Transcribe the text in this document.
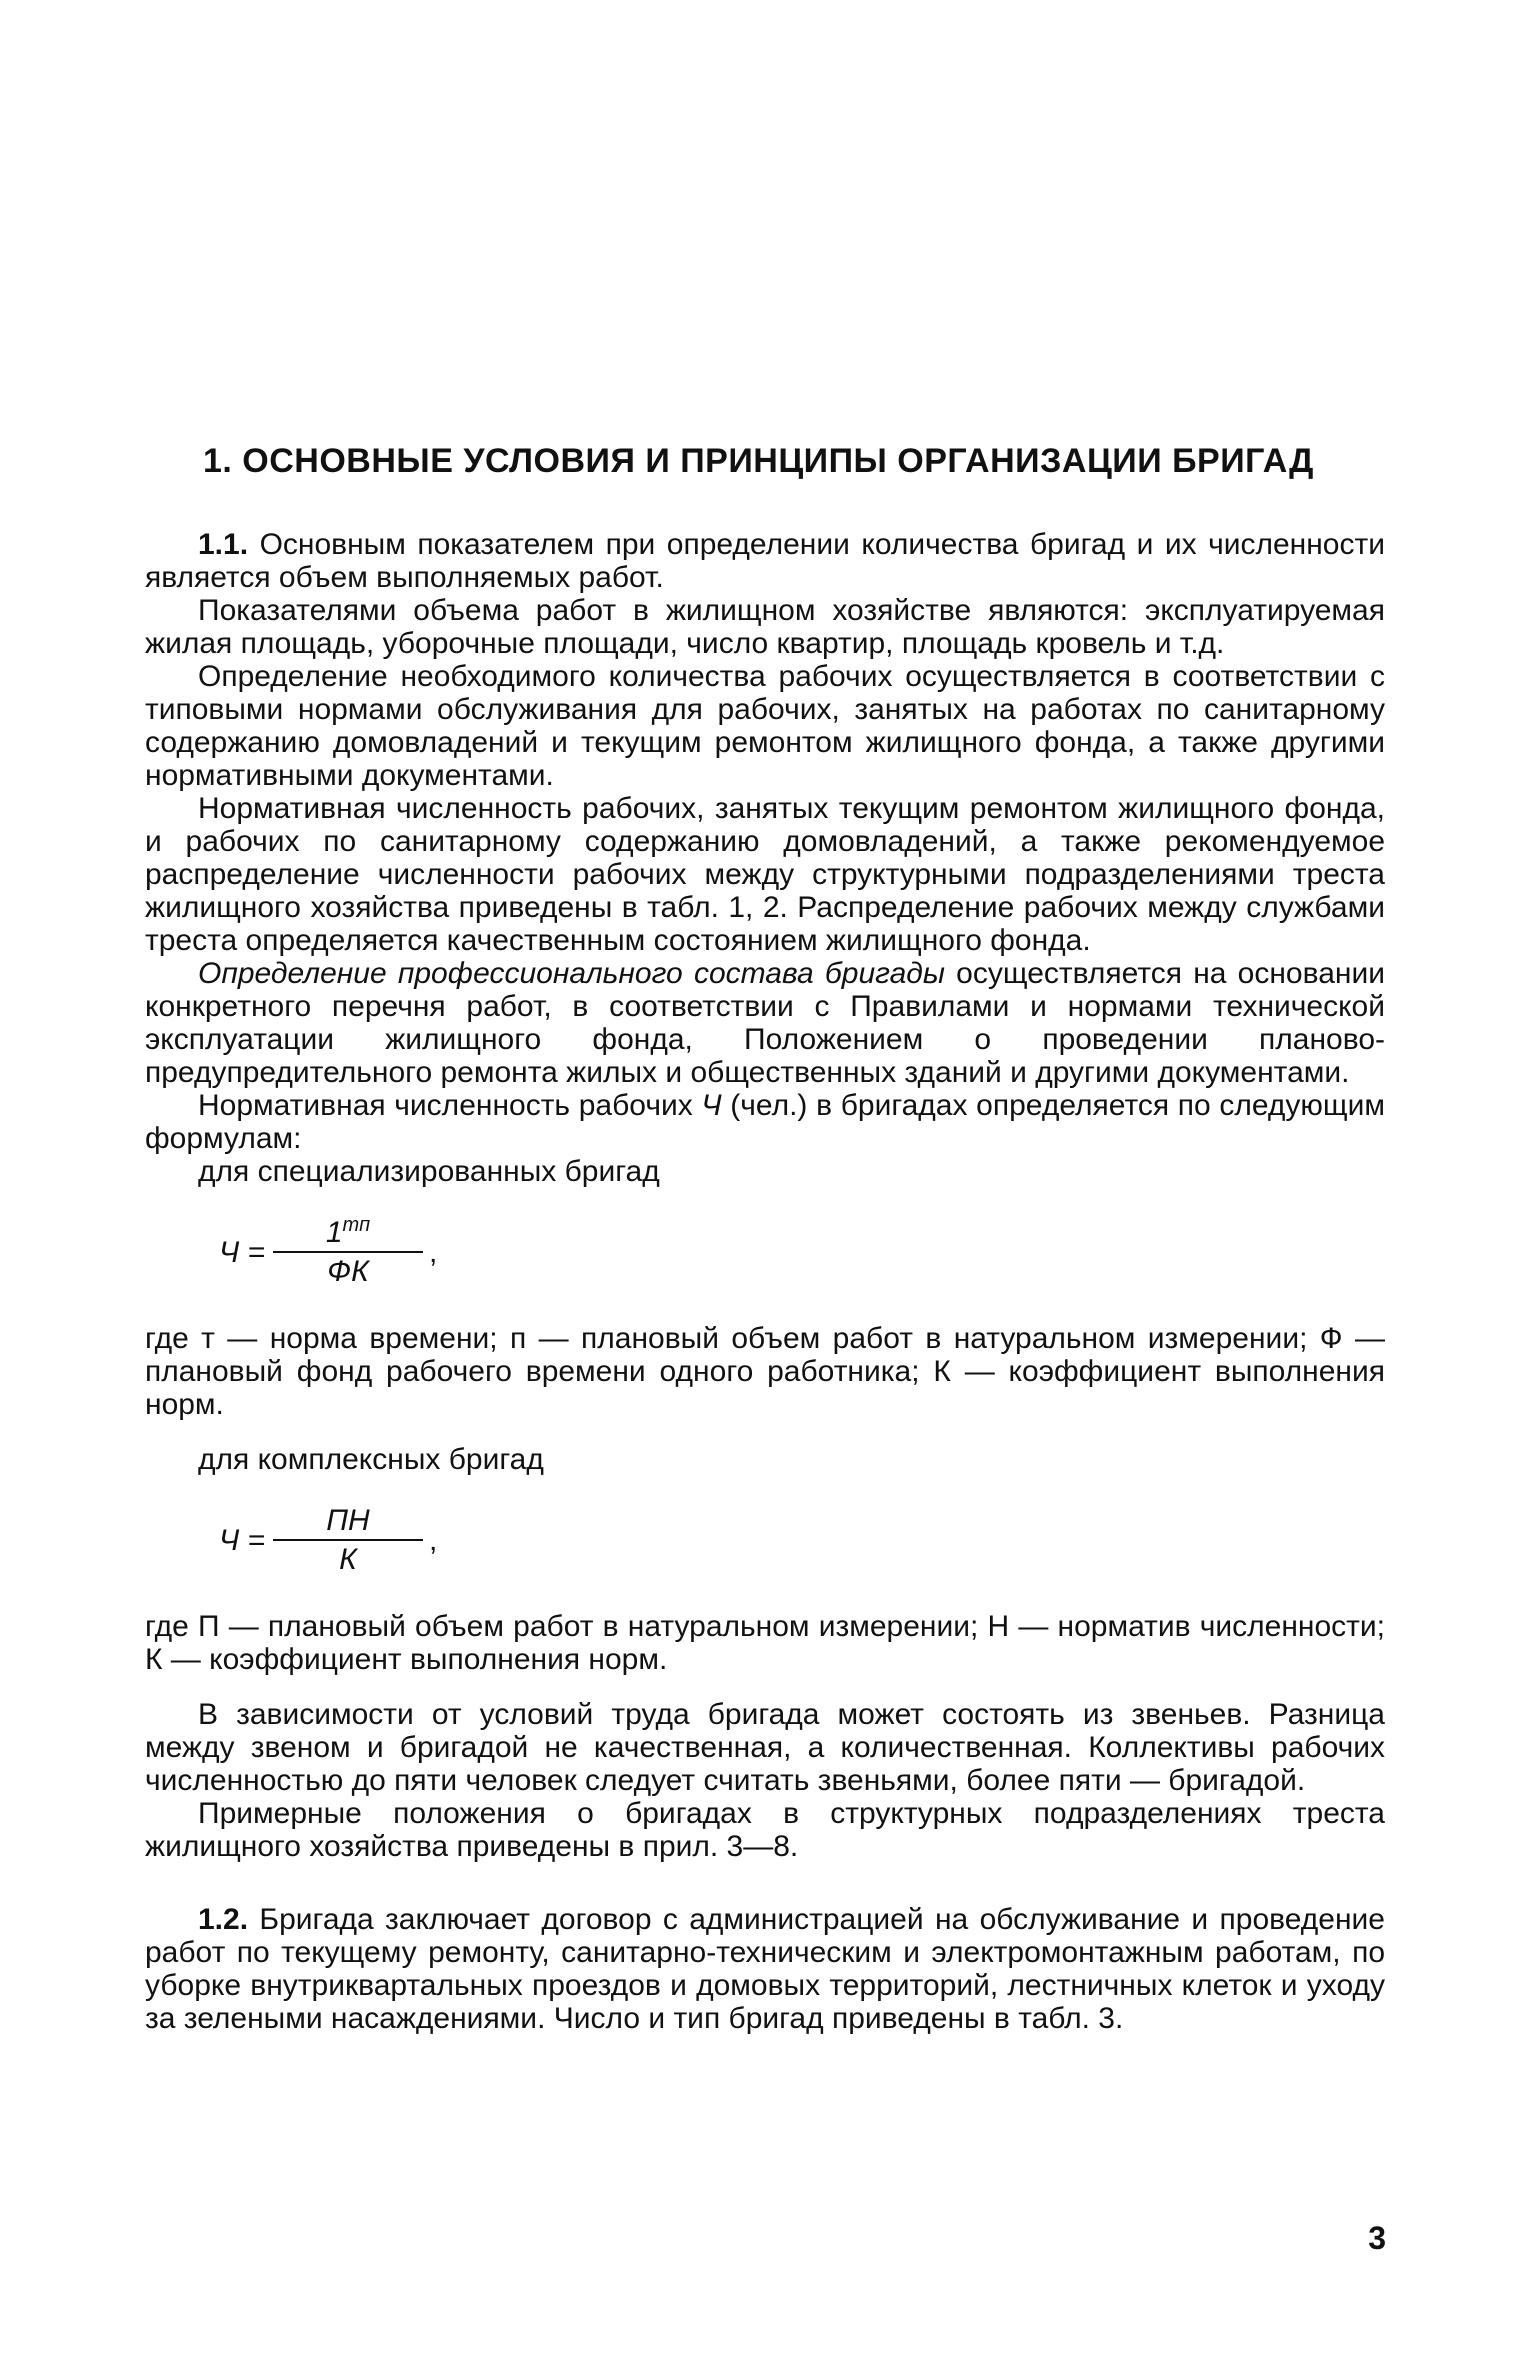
1. ОСНОВНЫЕ УСЛОВИЯ И ПРИНЦИПЫ ОРГАНИЗАЦИИ БРИГАД

1.1. Основным показателем при определении количества бригад и их численности является объем выполняемых работ.

Показателями объема работ в жилищном хозяйстве являются: эксплуатируемая жилая площадь, уборочные площади, число квартир, площадь кровель и т.д.

Определение необходимого количества рабочих осуществляется в соответствии с типовыми нормами обслуживания для рабочих, занятых на работах по санитарному содержанию домовладений и текущим ремонтом жилищного фонда, а также другими нормативными документами.

Нормативная численность рабочих, занятых текущим ремонтом жилищного фонда, и рабочих по санитарному содержанию домовладений, а также рекомендуемое распределение численности рабочих между структурными подразделениями треста жилищного хозяйства приведены в табл. 1, 2. Распределение рабочих между службами треста определяется качественным состоянием жилищного фонда.

Определение профессионального состава бригады осуществляется на основании конкретного перечня работ, в соответствии с Правилами и нормами технической эксплуатации жилищного фонда, Положением о проведении планово-предупредительного ремонта жилых и общественных зданий и другими документами.

Нормативная численность рабочих Ч (чел.) в бригадах определяется по следующим формулам:

для специализированных бригад

$Ч = \frac{1^{тп}}{ФК}$ ,

где т — норма времени; п — плановый объем работ в натуральном измерении; Ф — плановый фонд рабочего времени одного работника; К — коэффициент выполнения норм.

для комплексных бригад

$Ч = \frac{ПН}{К}$ ,

где П — плановый объем работ в натуральном измерении; Н — норматив численности; К — коэффициент выполнения норм.

В зависимости от условий труда бригада может состоять из звеньев. Разница между звеном и бригадой не качественная, а количественная. Коллективы рабочих численностью до пяти человек следует считать звеньями, более пяти — бригадой.

Примерные положения о бригадах в структурных подразделениях треста жилищного хозяйства приведены в прил. 3—8.

1.2. Бригада заключает договор с администрацией на обслуживание и проведение работ по текущему ремонту, санитарно-техническим и электромонтажным работам, по уборке внутриквартальных проездов и домовых территорий, лестничных клеток и уходу за зелеными насаждениями. Число и тип бригад приведены в табл. 3.

3
